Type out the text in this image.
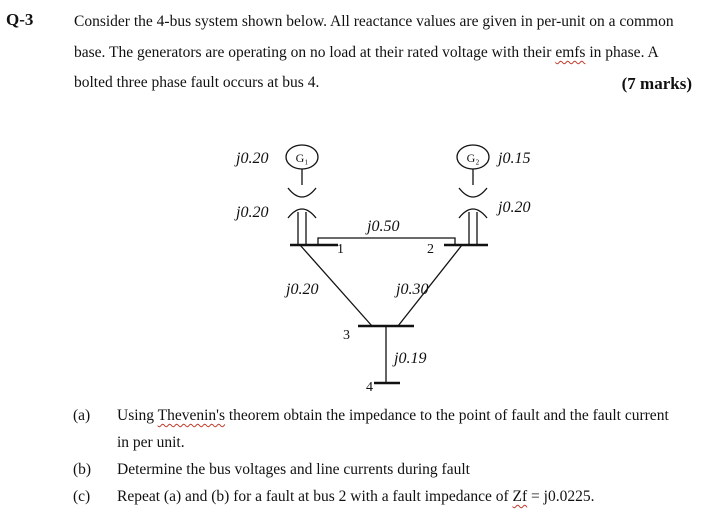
Q-3	Consider the 4-bus system shown below. All reactance values are given in per-unit on a common
base. The generators are operating on no load at their rated voltage with their emfs in phase. A
bolted three phase fault occurs at bus 4.	(7 marks)
G₁
j0.20	G₂ j0.15
j0.20	j0.20
1	2
j0.50
j0.20	j0.30
3
j0.19
4
(a) Using Thevenin's theorem obtain the impedance to the point of fault and the fault current
in per unit.
(b) Determine the bus voltages and line currents during fault
(c) Repeat (a) and (b) for a fault at bus 2 with a fault impedance of Zf = j0.0225.
